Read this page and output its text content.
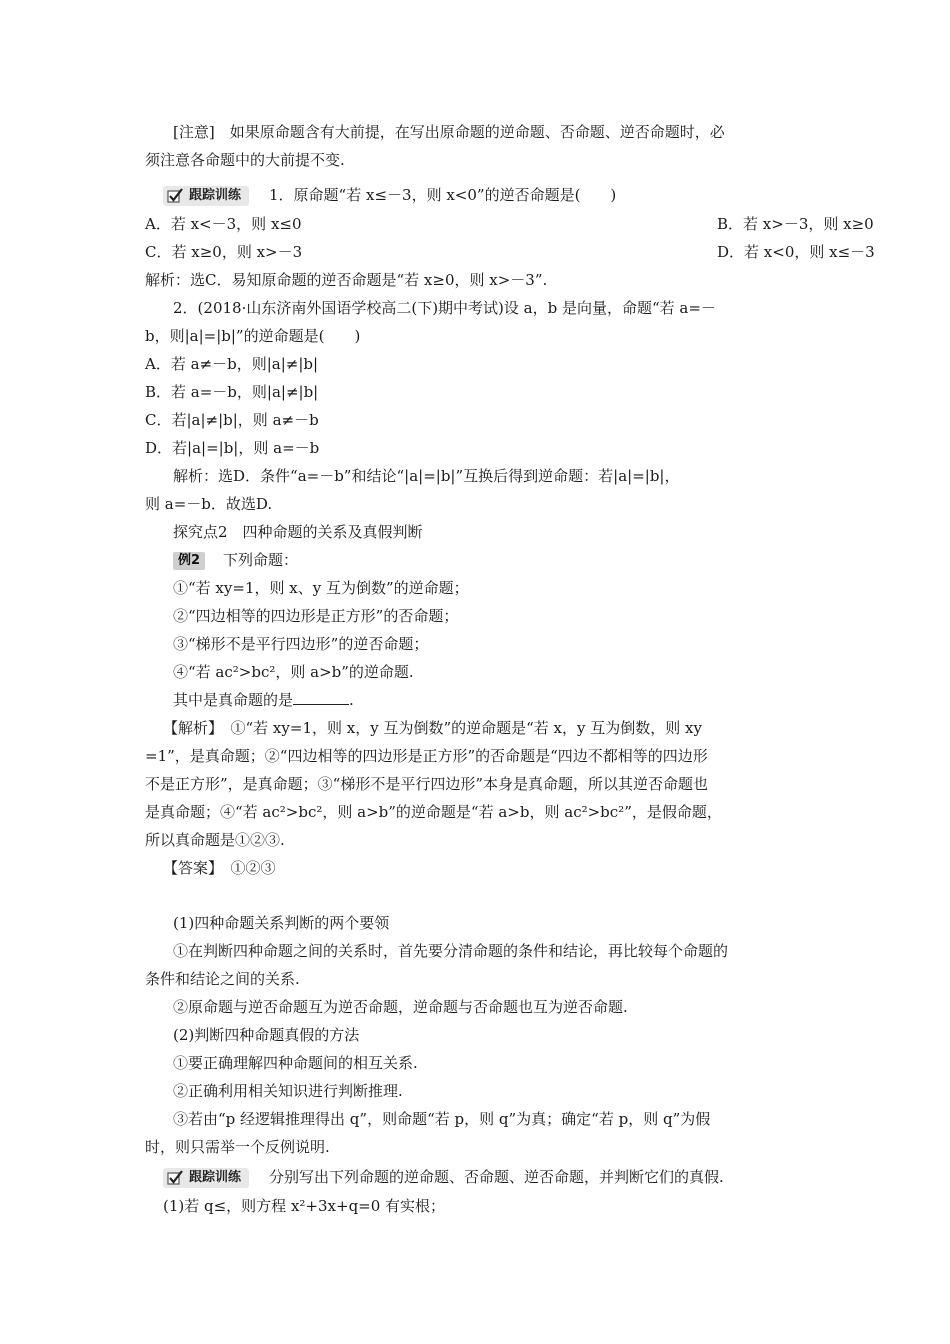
[注意]　如果原命题含有大前提，在写出原命题的逆命题、否命题、逆否命题时，必
须注意各命题中的大前提不变.
跟踪训练 1．原命题“若 x≤－3，则 x<0”的逆否命题是(　　)
A．若 x<－3，则 x≤0	B．若 x>－3，则 x≥0
C．若 x≥0，则 x>－3	D．若 x<0，则 x≤－3
解析：选C．易知原命题的逆否命题是“若 x≥0，则 x>－3”.
2．(2018·山东济南外国语学校高二(下)期中考试)设 a，b 是向量，命题“若 a=－
b，则|a|=|b|”的逆命题是(　　)
A．若 a≠－b，则|a|≠|b|
B．若 a=－b，则|a|≠|b|
C．若|a|≠|b|，则 a≠－b
D．若|a|=|b|，则 a=－b
解析：选D．条件“a=－b”和结论“|a|=|b|”互换后得到逆命题：若|a|=|b|，
则 a=－b．故选D.
探究点2　四种命题的关系及真假判断
例2 下列命题：
①“若 xy=1，则 x、y 互为倒数”的逆命题；
②“四边相等的四边形是正方形”的否命题；
③“梯形不是平行四边形”的逆否命题；
④“若 ac²>bc²，则 a>b”的逆命题.
其中是真命题的是	.
【解析】　①“若 xy=1，则 x，y 互为倒数”的逆命题是“若 x，y 互为倒数，则 xy
=1”，是真命题；②“四边相等的四边形是正方形”的否命题是“四边不都相等的四边形
不是正方形”，是真命题；③“梯形不是平行四边形”本身是真命题，所以其逆否命题也
是真命题；④“若 ac²>bc²，则 a>b”的逆命题是“若 a>b，则 ac²>bc²”，是假命题，
所以真命题是①②③.
【答案】　①②③
(1)四种命题关系判断的两个要领
①在判断四种命题之间的关系时，首先要分清命题的条件和结论，再比较每个命题的
条件和结论之间的关系.
②原命题与逆否命题互为逆否命题，逆命题与否命题也互为逆否命题.
(2)判断四种命题真假的方法
①要正确理解四种命题间的相互关系.
②正确利用相关知识进行判断推理.
③若由“p 经逻辑推理得出 q”，则命题“若 p，则 q”为真；确定“若 p，则 q”为假
时，则只需举一个反例说明.
跟踪训练 分别写出下列命题的逆命题、否命题、逆否命题，并判断它们的真假.
(1)若 q≤，则方程 x²+3x+q=0 有实根；
